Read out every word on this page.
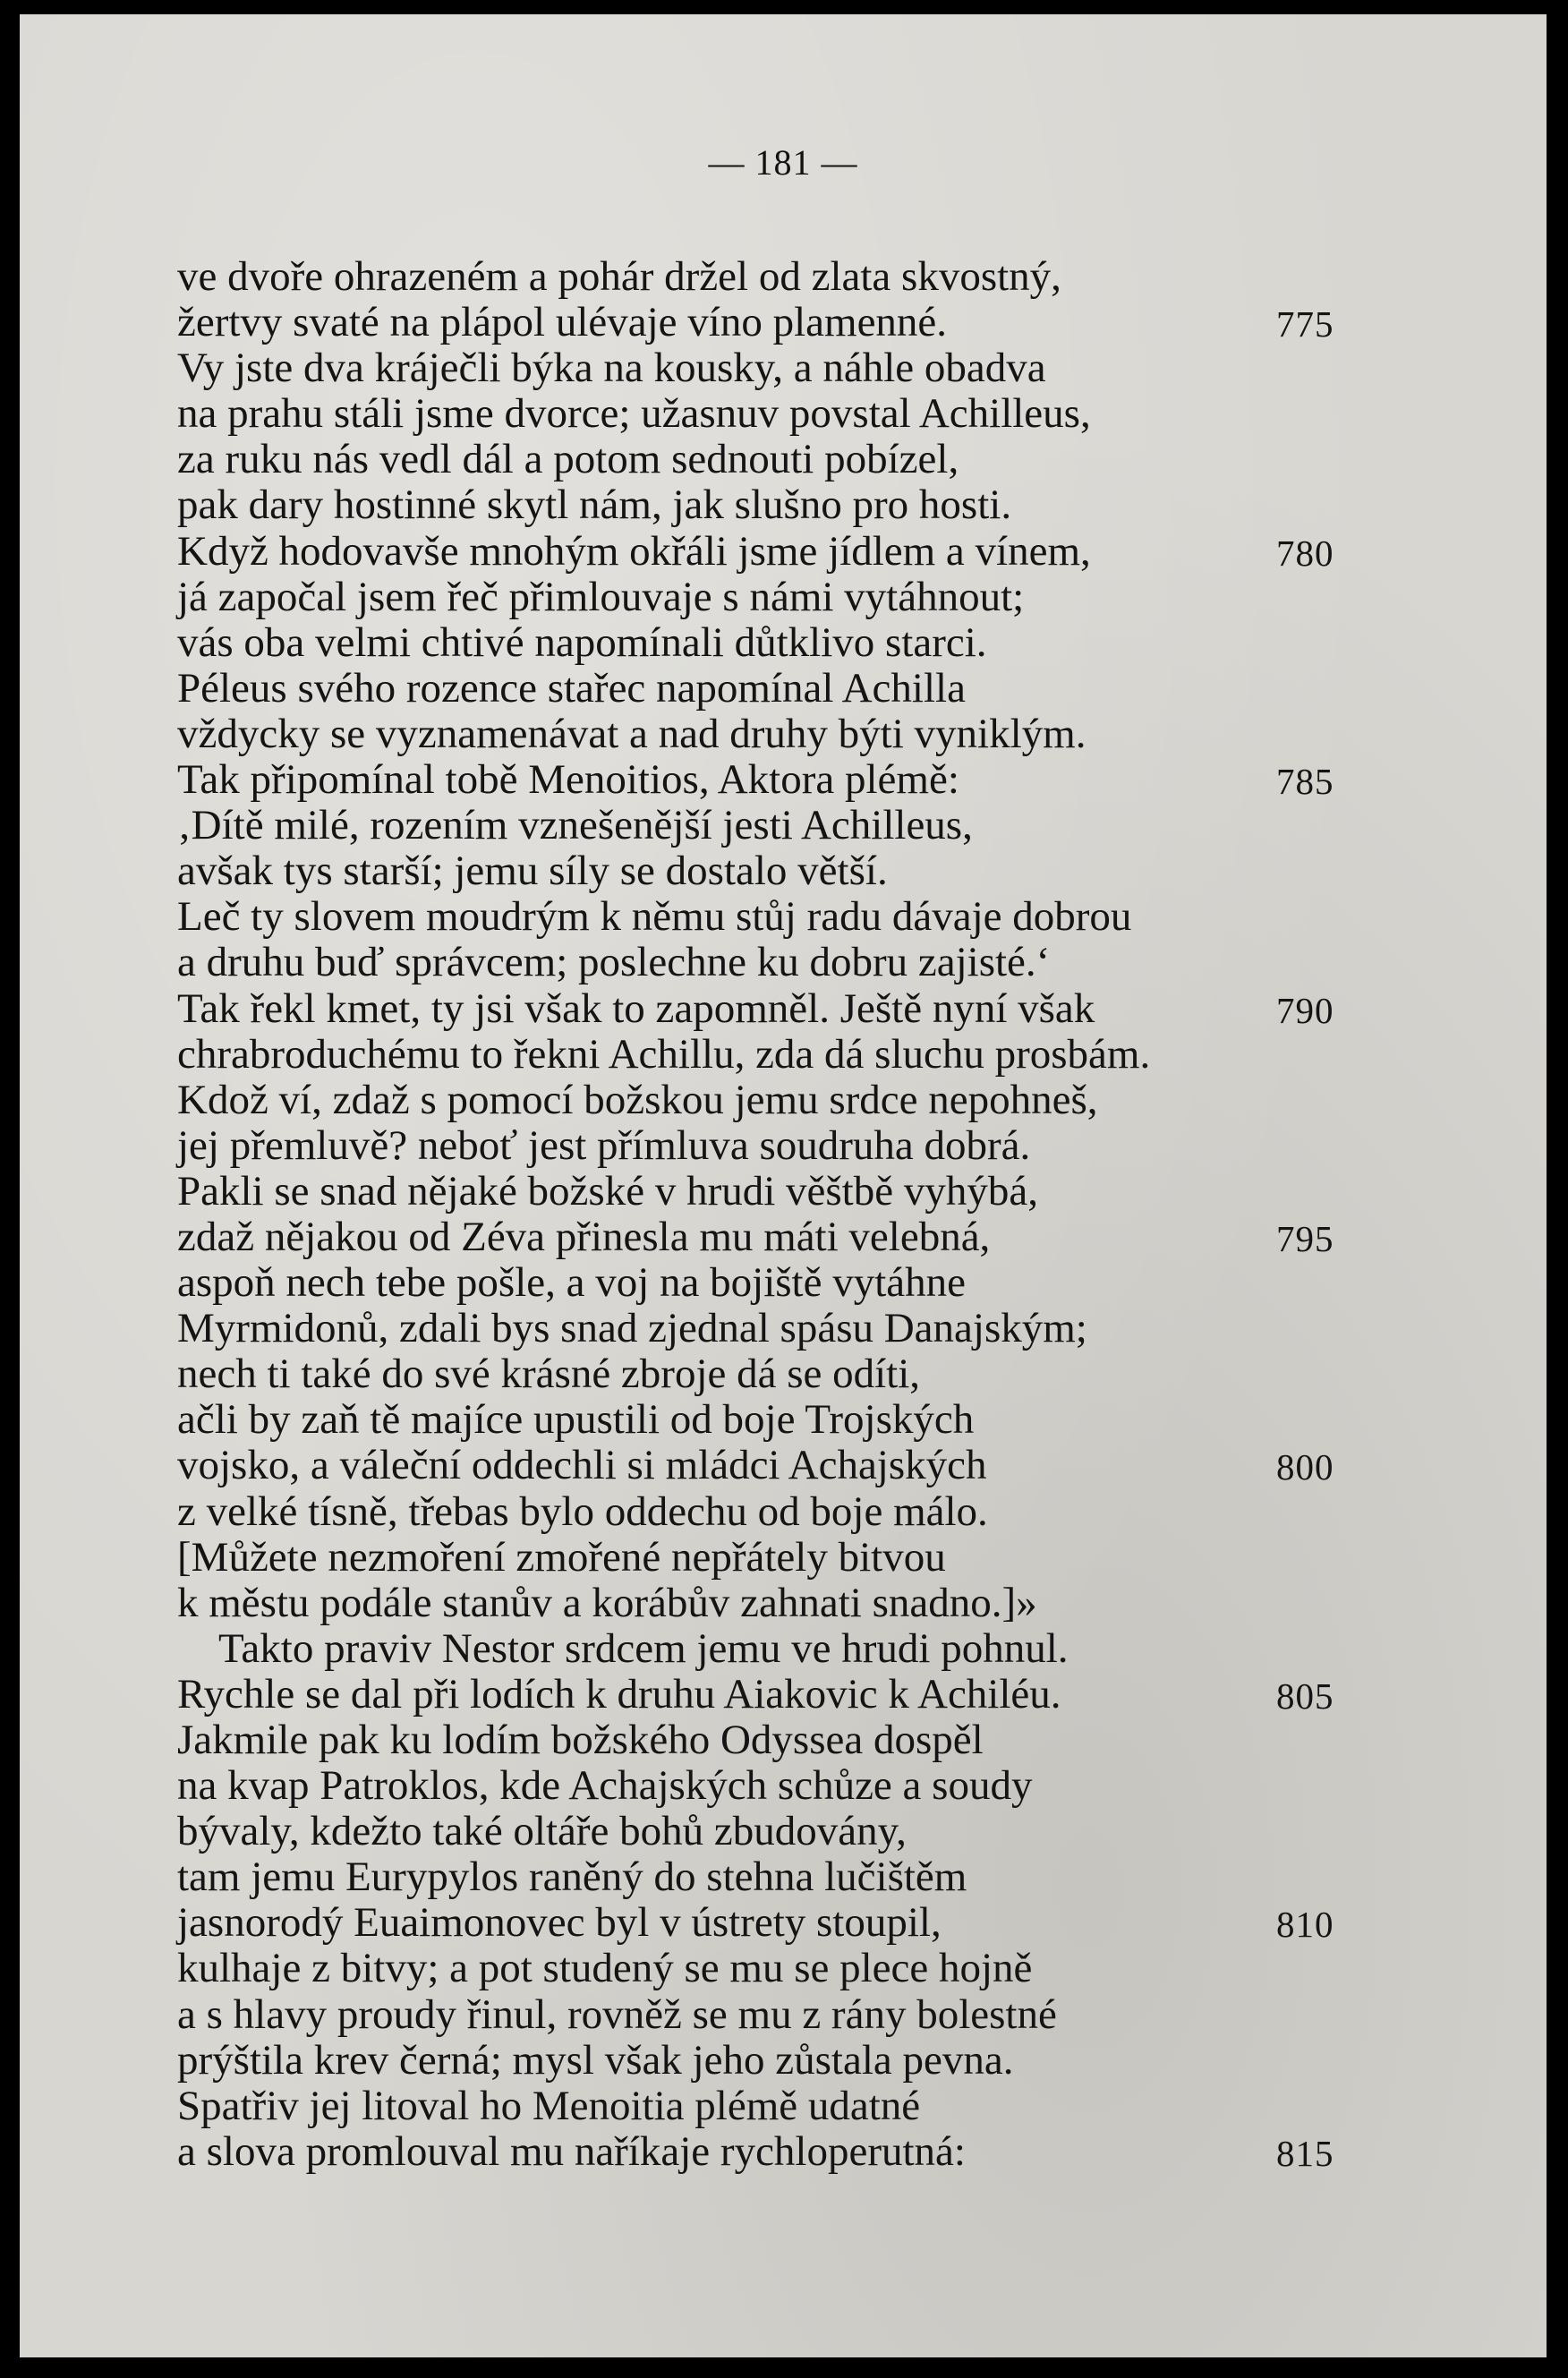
— 181 —
ve dvoře ohrazeném a pohár držel od zlata skvostný,
žertvy svaté na plápol ulévaje víno plamenné.	775
Vy jste dva kráječli býka na kousky, a náhle obadva
na prahu stáli jsme dvorce; užasnuv povstal Achilleus,
za ruku nás vedl dál a potom sednouti pobízel,
pak dary hostinné skytl nám, jak slušno pro hosti.
Když hodovavše mnohým okřáli jsme jídlem a vínem,	780
já započal jsem řeč přimlouvaje s námi vytáhnout;
vás oba velmi chtivé napomínali důtklivo starci.
Péleus svého rozence stařec napomínal Achilla
vždycky se vyznamenávat a nad druhy býti vyniklým.
Tak připomínal tobě Menoitios, Aktora plémě:	785
‚Dítě milé, rozením vznešenější jesti Achilleus,
avšak tys starší; jemu síly se dostalo větší.
Leč ty slovem moudrým k němu stůj radu dávaje dobrou
a druhu buď správcem; poslechne ku dobru zajisté.‘
Tak řekl kmet, ty jsi však to zapomněl. Ještě nyní však	790
chrabroduchému to řekni Achillu, zda dá sluchu prosbám.
Kdož ví, zdaž s pomocí božskou jemu srdce nepohneš,
jej přemluvě? neboť jest přímluva soudruha dobrá.
Pakli se snad nějaké božské v hrudi věštbě vyhýbá,
zdaž nějakou od Zéva přinesla mu máti velebná,	795
aspoň nech tebe pošle, a voj na bojiště vytáhne
Myrmidonů, zdali bys snad zjednal spásu Danajským;
nech ti také do své krásné zbroje dá se odíti,
ačli by zaň tě majíce upustili od boje Trojských
vojsko, a váleční oddechli si mládci Achajských	800
z velké tísně, třebas bylo oddechu od boje málo.
[Můžete nezmoření zmořené nepřátely bitvou
k městu podále stanův a korábův zahnati snadno.]»
Takto praviv Nestor srdcem jemu ve hrudi pohnul.
Rychle se dal při lodích k druhu Aiakovic k Achiléu.	805
Jakmile pak ku lodím božského Odyssea dospěl
na kvap Patroklos, kde Achajských schůze a soudy
bývaly, kdežto také oltáře bohů zbudovány,
tam jemu Eurypylos raněný do stehna lučištěm
jasnorodý Euaimonovec byl v ústrety stoupil,	810
kulhaje z bitvy; a pot studený se mu se plece hojně
a s hlavy proudy řinul, rovněž se mu z rány bolestné
prýštila krev černá; mysl však jeho zůstala pevna.
Spatřiv jej litoval ho Menoitia plémě udatné
a slova promlouval mu naříkaje rychloperutná:	815
